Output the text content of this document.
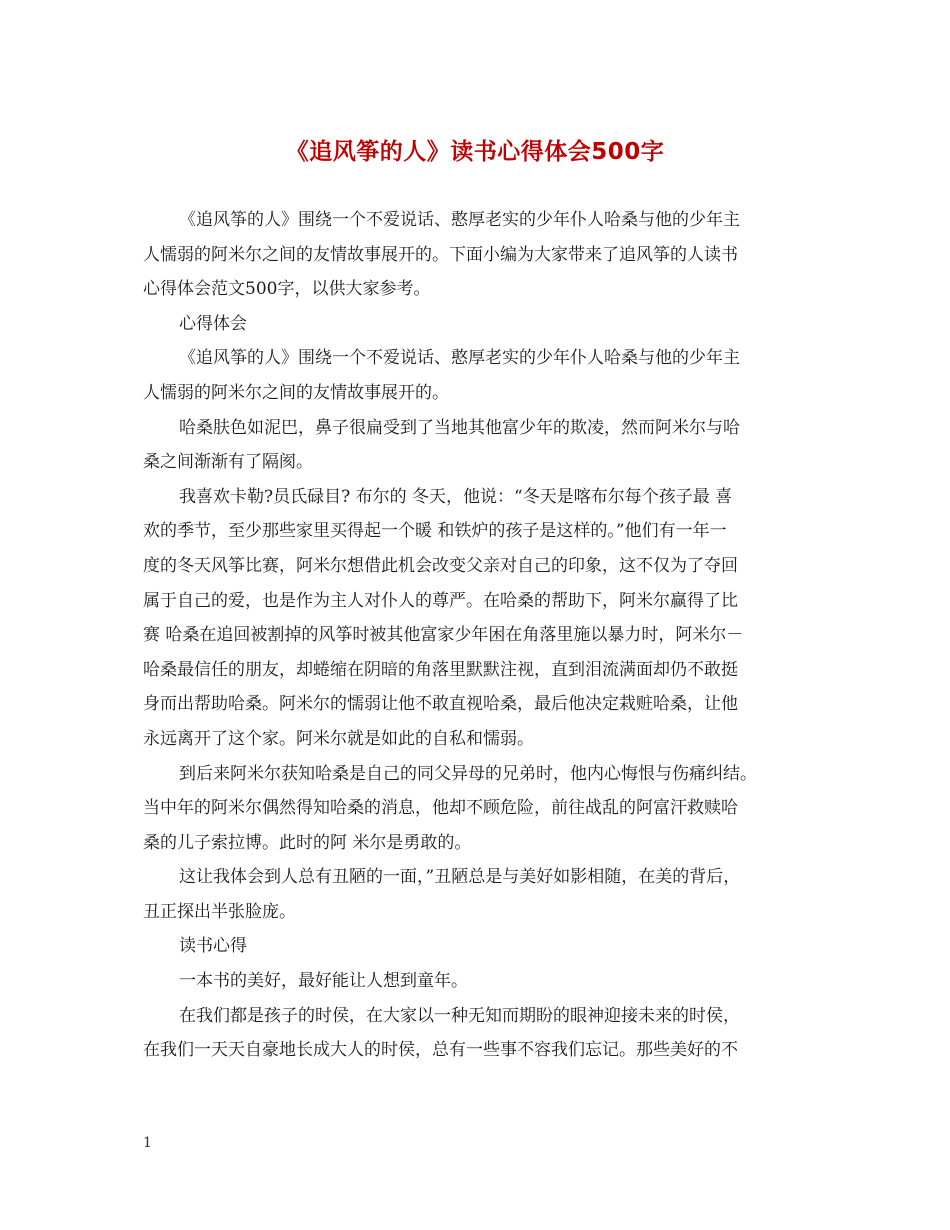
《追风筝的人》读书心得体会500字
《追风筝的人》围绕一个不爱说话、憨厚老实的少年仆人哈桑与他的少年主
人懦弱的阿米尔之间的友情故事展开的。下面小编为大家带来了追风筝的人读书
心得体会范文500字，以供大家参考。
心得体会
《追风筝的人》围绕一个不爱说话、憨厚老实的少年仆人哈桑与他的少年主
人懦弱的阿米尔之间的友情故事展开的。
哈桑肤色如泥巴，鼻子很扁受到了当地其他富少年的欺凌，然而阿米尔与哈
桑之间渐渐有了隔阂。
我喜欢卡勒?员氏碌目? 布尔的 冬天，他说：“冬天是喀布尔每个孩子最 喜
欢的季节，至少那些家里买得起一个暖 和铁炉的孩子是这样的。”他们有一年一
度的冬天风筝比赛，阿米尔想借此机会改变父亲对自己的印象，这不仅为了夺回
属于自己的爱，也是作为主人对仆人的尊严。在哈桑的帮助下，阿米尔赢得了比
赛 哈桑在追回被割掉的风筝时被其他富家少年困在角落里施以暴力时，阿米尔－
哈桑最信任的朋友，却蜷缩在阴暗的角落里默默注视，直到泪流满面却仍不敢挺
身而出帮助哈桑。阿米尔的懦弱让他不敢直视哈桑，最后他决定栽赃哈桑，让他
永远离开了这个家。阿米尔就是如此的自私和懦弱。
到后来阿米尔获知哈桑是自己的同父异母的兄弟时，他内心悔恨与伤痛纠结。
当中年的阿米尔偶然得知哈桑的消息，他却不顾危险，前往战乱的阿富汗救赎哈
桑的儿子索拉博。此时的阿 米尔是勇敢的。
这让我体会到人总有丑陋的一面，”丑陋总是与美好如影相随，在美的背后，
丑正探出半张脸庞。
读书心得
一本书的美好，最好能让人想到童年。
在我们都是孩子的时侯，在大家以一种无知而期盼的眼神迎接未来的时侯，
在我们一天天自豪地长成大人的时侯，总有一些事不容我们忘记。那些美好的不
1
